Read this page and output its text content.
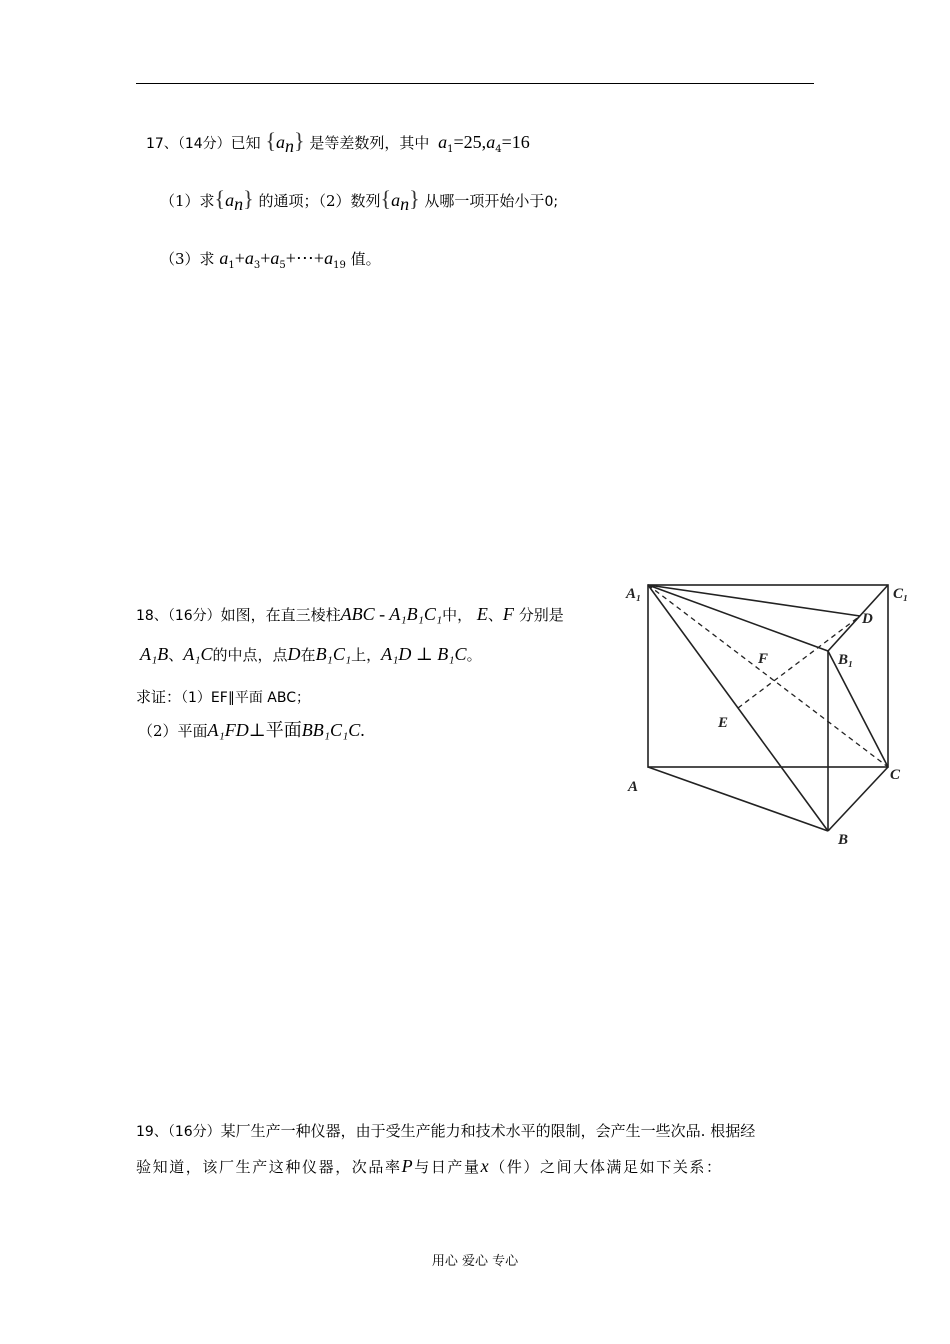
17、（14分）已知 $\{a_n\}$ 是等差数列，其中 $a_1=25,a_4=16$
（1）求$\{a_n\}$ 的通项；（2）数列$\{a_n\}$ 从哪一项开始小于0;
（3）求 $a_1+a_3+a_5+\cdots+a_{19}$ 值。
18、（16分）如图，在直三棱柱ABC - A₁B₁C₁中， E、F 分别是
A₁B、A₁C的中点，点D在B₁C₁上，A₁D ⊥ B₁C。
求证：（1）EF∥平面 ABC；
（2）平面A₁FD⊥平面BB₁C₁C.
A₁	C₁
D
B₁
F
E
A
C
B
19、（16分）某厂生产一种仪器，由于受生产能力和技术水平的限制，会产生一些次品. 根据经
验知道，该厂生产这种仪器，次品率P与日产量x（件）之间大体满足如下关系：
用心 爱心 专心
